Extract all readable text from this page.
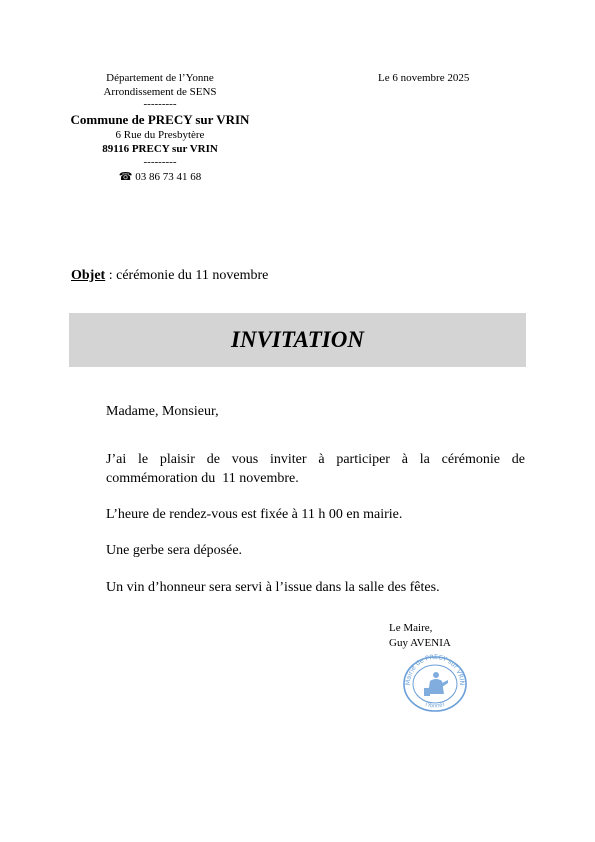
Département de l’Yonne
Arrondissement de SENS
---------
Commune de PRECY sur VRIN
6 Rue du Presbytère
89116 PRECY sur VRIN
---------
☎ 03 86 73 41 68
Le 6 novembre 2025
Objet : cérémonie du 11 novembre
INVITATION
Madame, Monsieur,
J’ai le plaisir de vous inviter à participer à la cérémonie de
commémoration du  11 novembre.
L’heure de rendez-vous est fixée à 11 h 00 en mairie.
Une gerbe sera déposée.
Un vin d’honneur sera servi à l’issue dans la salle des fêtes.
Le Maire,
Guy AVENIA
Mairie de PRECY sur VRIN
(Yonne)
